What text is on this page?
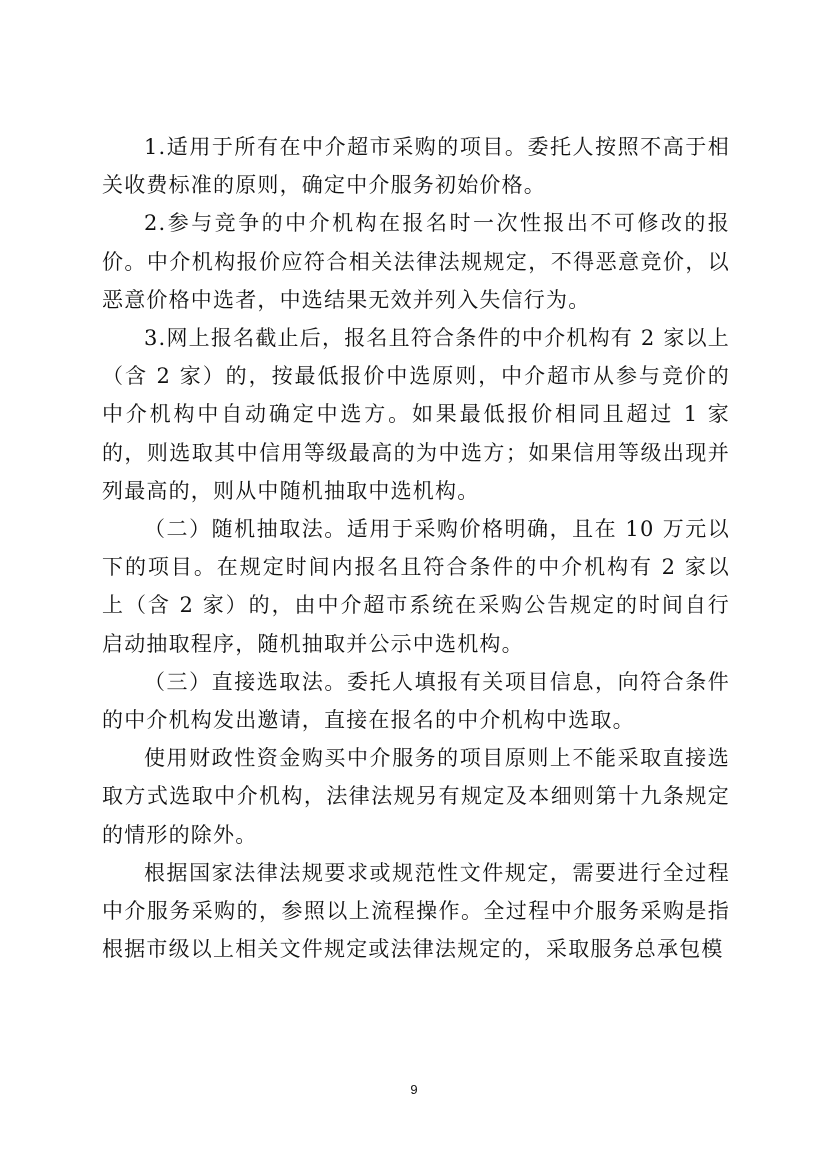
1.适用于所有在中介超市采购的项目。委托人按照不高于相关收费标准的原则，确定中介服务初始价格。

2.参与竞争的中介机构在报名时一次性报出不可修改的报价。中介机构报价应符合相关法律法规规定，不得恶意竞价，以恶意价格中选者，中选结果无效并列入失信行为。

3.网上报名截止后，报名且符合条件的中介机构有 2 家以上（含 2 家）的，按最低报价中选原则，中介超市从参与竞价的中介机构中自动确定中选方。如果最低报价相同且超过 1 家的，则选取其中信用等级最高的为中选方；如果信用等级出现并列最高的，则从中随机抽取中选机构。

（二）随机抽取法。适用于采购价格明确，且在 10 万元以下的项目。在规定时间内报名且符合条件的中介机构有 2 家以上（含 2 家）的，由中介超市系统在采购公告规定的时间自行启动抽取程序，随机抽取并公示中选机构。

（三）直接选取法。委托人填报有关项目信息，向符合条件的中介机构发出邀请，直接在报名的中介机构中选取。

使用财政性资金购买中介服务的项目原则上不能采取直接选取方式选取中介机构，法律法规另有规定及本细则第十九条规定的情形的除外。

根据国家法律法规要求或规范性文件规定，需要进行全过程中介服务采购的，参照以上流程操作。全过程中介服务采购是指根据市级以上相关文件规定或法律法规定的，采取服务总承包模

9
